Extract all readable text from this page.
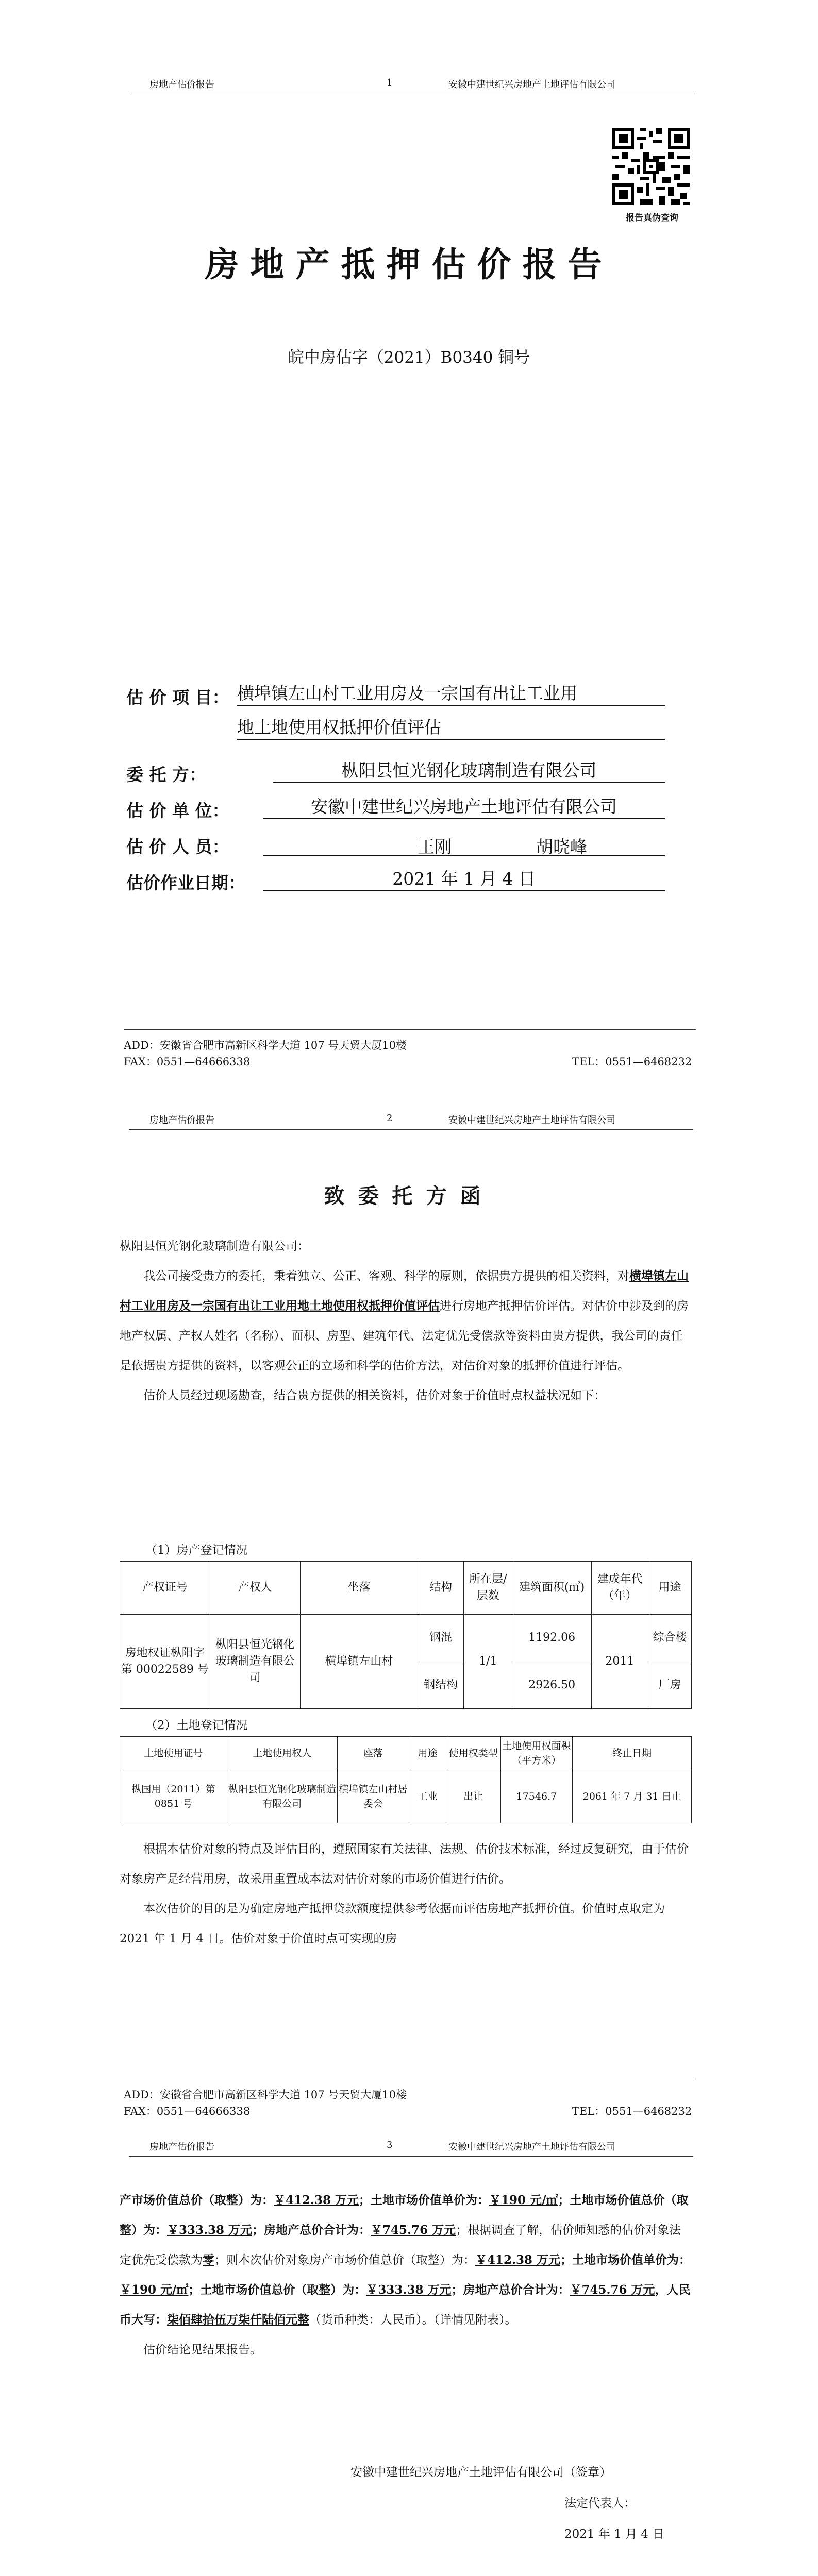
房地产估价报告	1	安徽中建世纪兴房地产土地评估有限公司
报告真伪查询
房地产抵押估价报告
皖中房估字（2021）B0340 铜号
估 价 项 目： 横埠镇左山村工业用房及一宗国有出让工业用
地土地使用权抵押价值评估
委 托 方：	枞阳县恒光钢化玻璃制造有限公司
估 价 单 位：	安徽中建世纪兴房地产土地评估有限公司
估 价 人 员：	王刚	胡晓峰
估价作业日期：	2021 年 1 月 4 日
ADD：安徽省合肥市高新区科学大道 107 号天贸大厦10楼
FAX：0551—64666338	TEL：0551—6468232
房地产估价报告	2	安徽中建世纪兴房地产土地评估有限公司
致委托方函

枞阳县恒光钢化玻璃制造有限公司：

我公司接受贵方的委托，秉着独立、公正、客观、科学的原则，依据贵方提供的相关资料，对横埠镇左山村工业用房及一宗国有出让工业用地土地使用权抵押价值评估进行房地产抵押估价评估。对估价中涉及到的房地产权属、产权人姓名（名称）、面积、房型、建筑年代、法定优先受偿款等资料由贵方提供，我公司的责任是依据贵方提供的资料，以客观公正的立场和科学的估价方法，对估价对象的抵押价值进行评估。

估价人员经过现场勘查，结合贵方提供的相关资料，估价对象于价值时点权益状况如下：

（1）房产登记情况
产权证号	产权人	坐落	结构	所在层/层数	建筑面积(㎡)	建成年代（年）	用途
房地权证枞阳字第 00022589 号	枞阳县恒光钢化玻璃制造有限公司	横埠镇左山村	钢混	1/1	1192.06	2011	综合楼
			钢结构		2926.50		厂房
（2）土地登记情况
土地使用证号	土地使用权人	座落	用途	使用权类型	土地使用权面积（平方米）	终止日期
枞国用（2011）第 0851 号	枞阳县恒光钢化玻璃制造有限公司	横埠镇左山村居委会	工业	出让	17546.7	2061 年 7 月 31 日止

根据本估价对象的特点及评估目的，遵照国家有关法律、法规、估价技术标准，经过反复研究，由于估价对象房产是经营用房，故采用重置成本法对估价对象的市场价值进行估价。

本次估价的目的是为确定房地产抵押贷款额度提供参考依据而评估房地产抵押价值。价值时点取定为 2021 年 1 月 4 日。估价对象于价值时点可实现的房

ADD：安徽省合肥市高新区科学大道 107 号天贸大厦10楼
FAX：0551—64666338	TEL：0551—6468232
房地产估价报告	3	安徽中建世纪兴房地产土地评估有限公司

产市场价值总价（取整）为：￥412.38 万元；土地市场价值单价为：￥190 元/㎡；土地市场价值总价（取整）为：￥333.38 万元；房地产总价合计为：￥745.76 万元；根据调查了解，估价师知悉的估价对象法定优先受偿款为零；则本次估价对象房产市场价值总价（取整）为：￥412.38 万元；土地市场价值单价为：￥190 元/㎡；土地市场价值总价（取整）为：￥333.38 万元；房地产总价合计为：￥745.76 万元，人民币大写：柒佰肆拾伍万柒仟陆佰元整（货币种类：人民币）。（详情见附表）。

估价结论见结果报告。

安徽中建世纪兴房地产土地评估有限公司（签章）
法定代表人：
2021 年 1 月 4 日
